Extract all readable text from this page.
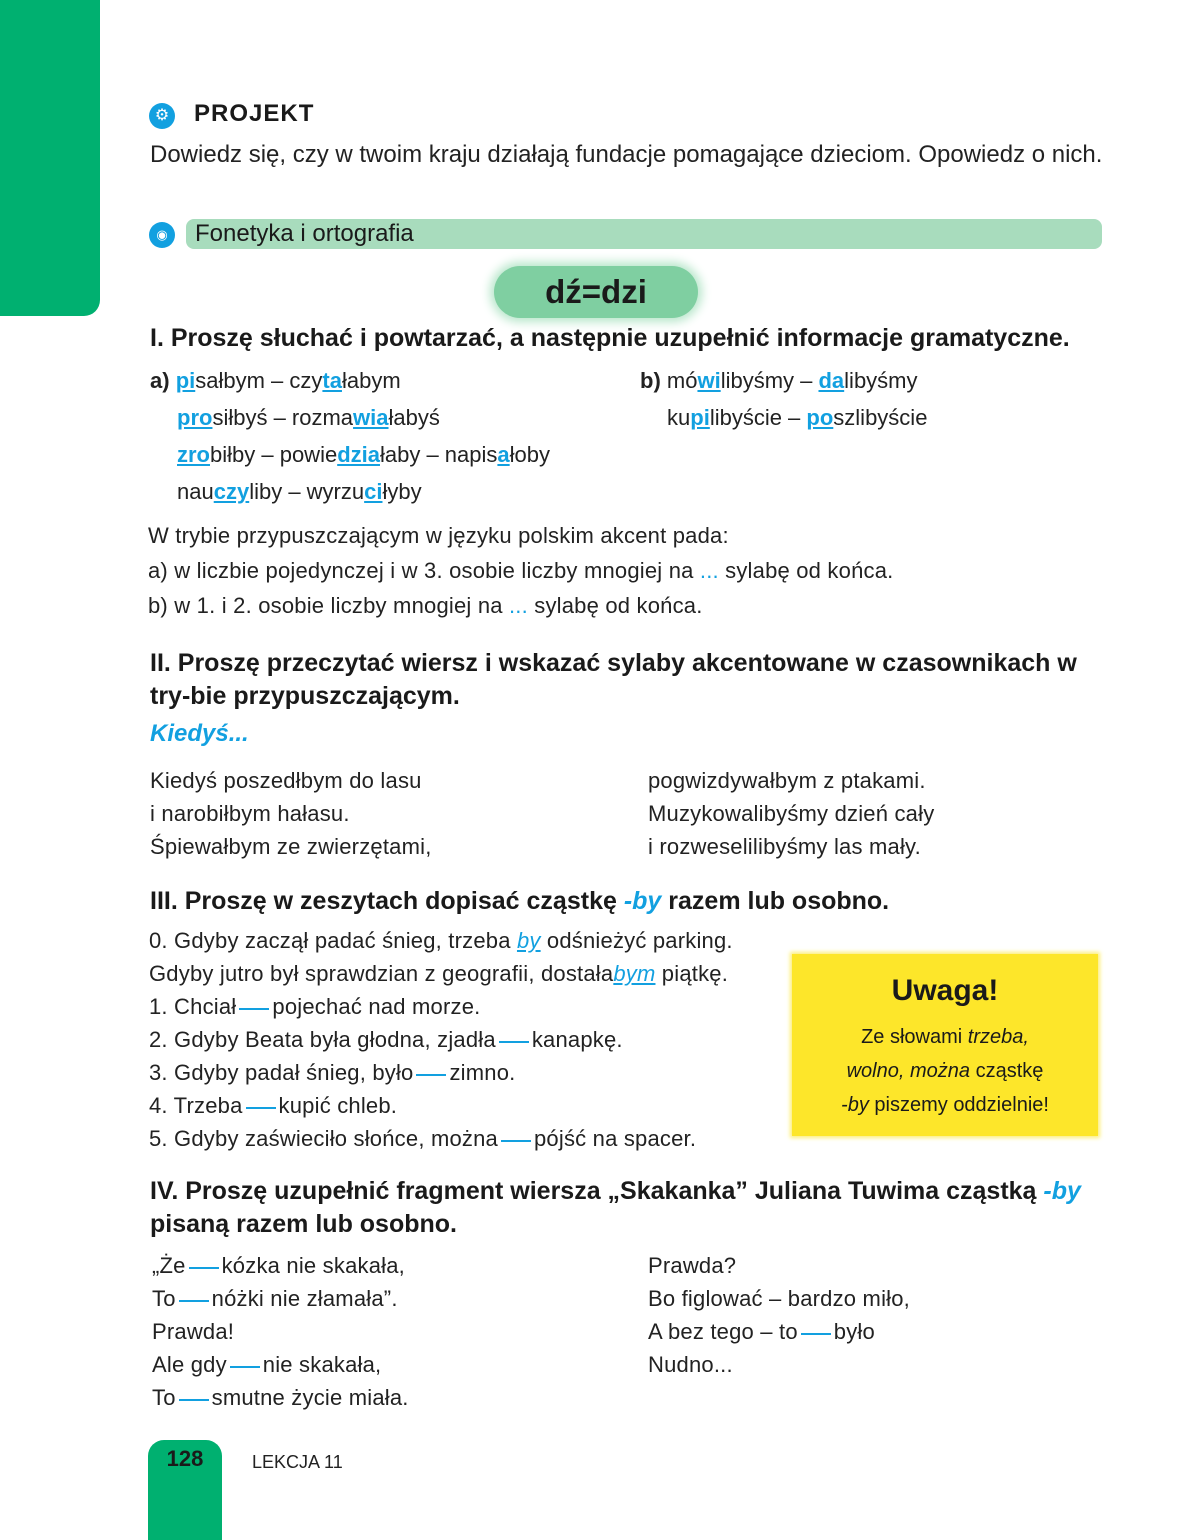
128	LEKCJA 11
⚙ PROJEKT
Dowiedz się, czy w twoim kraju działają fundacje pomagające dzieciom. Opowiedz o nich.
◉	Fonetyka i ortografia
dź=dzi
I. Proszę słuchać i powtarzać, a następnie uzupełnić informacje gramatyczne.
a) pisałbym – czytałabym
prosiłbyś – rozmawiałabyś
zrobiłby – powiedziałaby – napisałoby
nauczyliby – wyrzuciłyby
b) mówilibyśmy – dalibyśmy
kupilibyście – poszlibyście
W trybie przypuszczającym w języku polskim akcent pada:
a) w liczbie pojedynczej i w 3. osobie liczby mnogiej na ... sylabę od końca.
b) w 1. i 2. osobie liczby mnogiej na ... sylabę od końca.
II. Proszę przeczytać wiersz i wskazać sylaby akcentowane w czasownikach w try-bie przypuszczającym.
Kiedyś...
Kiedyś poszedłbym do lasu
i narobiłbym hałasu.
Śpiewałbym ze zwierzętami,
pogwizdywałbym z ptakami.
Muzykowalibyśmy dzień cały
i rozweselilibyśmy las mały.
III. Proszę w zeszytach dopisać cząstkę -by razem lub osobno.
0. Gdyby zaczął padać śnieg, trzeba by odśnieżyć parking.
Gdyby jutro był sprawdzian z geografii, dostałabym piątkę.
1. Chciał pojechać nad morze.
2. Gdyby Beata była głodna, zjadła kanapkę.
3. Gdyby padał śnieg, było zimno.
4. Trzeba kupić chleb.
5. Gdyby zaświeciło słońce, można pójść na spacer.
Uwaga!
Ze słowami trzeba,
wolno, można cząstkę
-by piszemy oddzielnie!
IV. Proszę uzupełnić fragment wiersza „Skakanka” Juliana Tuwima cząstką -by pisaną razem lub osobno.
„Że kózka nie skakała,
To nóżki nie złamała”.
Prawda!
Ale gdy nie skakała,
To smutne życie miała.
Prawda?
Bo figlować – bardzo miło,
A bez tego – to było
Nudno...
